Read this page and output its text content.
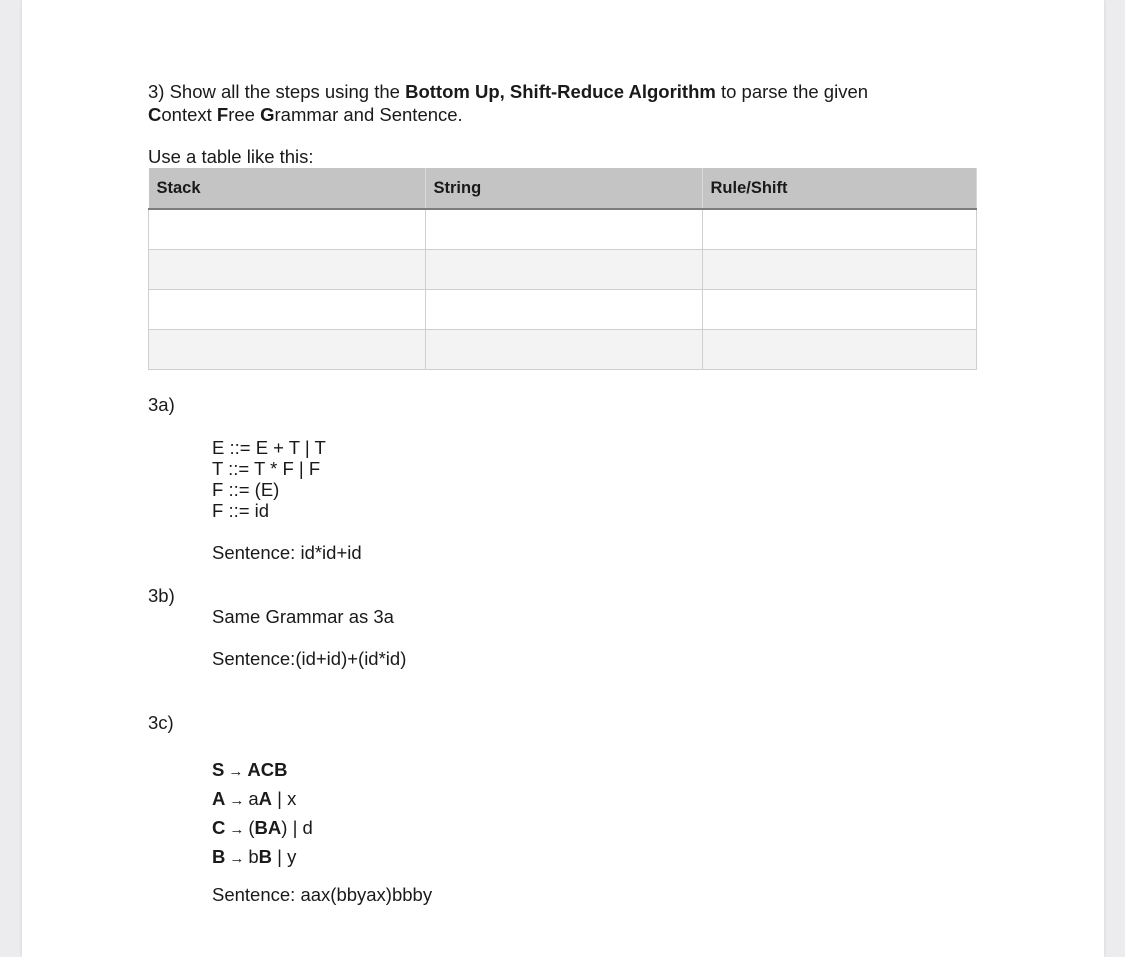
3) Show all the steps using the Bottom Up, Shift-Reduce Algorithm to parse the given
Context Free Grammar and Sentence.

Use a table like this:

Stack	String	Rule/Shift

3a)
E ::= E + T | T
T ::= T * F | F
F ::= (E)
F ::= id
Sentence: id*id+id
3b)
Same Grammar as 3a
Sentence:(id+id)+(id*id)
3c)
S → ACB
A → aA | x
C → (BA) | d
B → bB | y
Sentence: aax(bbyax)bbby
